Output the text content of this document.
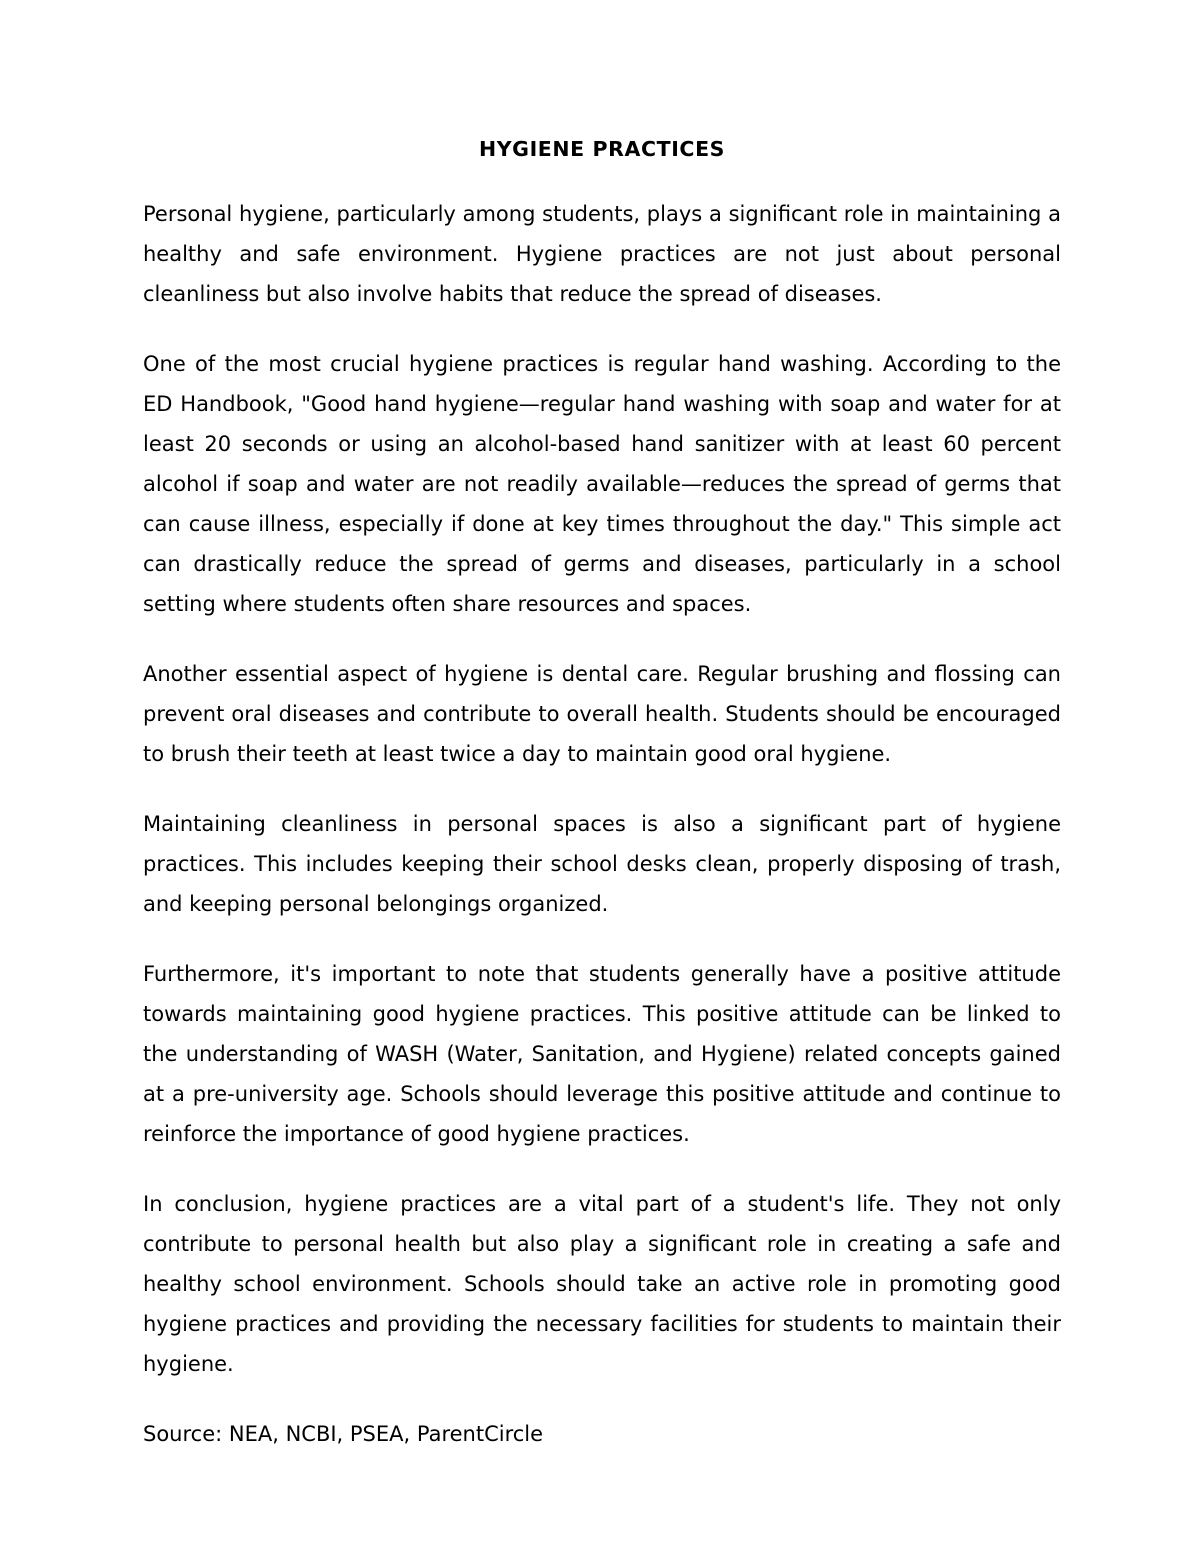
HYGIENE PRACTICES

Personal hygiene, particularly among students, plays a significant role in maintaining a healthy and safe environment. Hygiene practices are not just about personal cleanliness but also involve habits that reduce the spread of diseases.

One of the most crucial hygiene practices is regular hand washing. According to the ED Handbook, "Good hand hygiene—regular hand washing with soap and water for at least 20 seconds or using an alcohol-based hand sanitizer with at least 60 percent alcohol if soap and water are not readily available—reduces the spread of germs that can cause illness, especially if done at key times throughout the day." This simple act can drastically reduce the spread of germs and diseases, particularly in a school setting where students often share resources and spaces.

Another essential aspect of hygiene is dental care. Regular brushing and flossing can prevent oral diseases and contribute to overall health. Students should be encouraged to brush their teeth at least twice a day to maintain good oral hygiene.

Maintaining cleanliness in personal spaces is also a significant part of hygiene practices. This includes keeping their school desks clean, properly disposing of trash, and keeping personal belongings organized.

Furthermore, it's important to note that students generally have a positive attitude towards maintaining good hygiene practices. This positive attitude can be linked to the understanding of WASH (Water, Sanitation, and Hygiene) related concepts gained at a pre-university age. Schools should leverage this positive attitude and continue to reinforce the importance of good hygiene practices.

In conclusion, hygiene practices are a vital part of a student's life. They not only contribute to personal health but also play a significant role in creating a safe and healthy school environment. Schools should take an active role in promoting good hygiene practices and providing the necessary facilities for students to maintain their hygiene.

Source: NEA, NCBI, PSEA, ParentCircle
